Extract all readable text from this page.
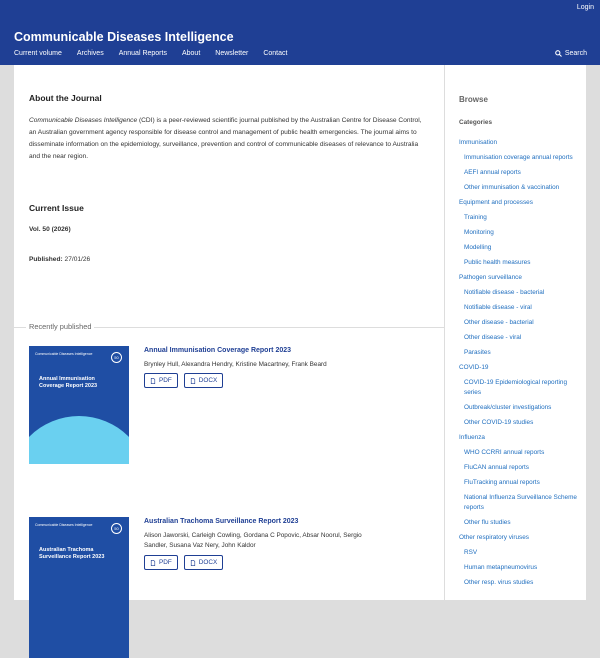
Login
Communicable Diseases Intelligence
Current volume Archives Annual Reports About Newsletter Contact	Search
About the Journal
Communicable Diseases Intelligence (CDI) is a peer-reviewed scientific journal published by the Australian Centre for Disease Control, an Australian government agency responsible for disease control and management of public health emergencies. The journal aims to disseminate information on the epidemiology, surveillance, prevention and control of communicable diseases of relevance to Australia and the near region.
Current Issue
Vol. 50 (2026)
Published: 27/01/26
Recently published
Communicable Diseases Intelligence
50
Annual Immunisation Coverage Report 2023
Annual Immunisation Coverage Report 2023
Brynley Hull, Alexandra Hendry, Kristine Macartney, Frank Beard
PDF	DOCX
Communicable Diseases Intelligence
50
Australian Trachoma Surveillance Report 2023
Australian Trachoma Surveillance Report 2023
Alison Jaworski, Carleigh Cowling, Gordana C Popovic, Absar Noorul, Sergio Sandler, Susana Vaz Nery, John Kaldor
PDF	DOCX
Browse
Categories
Immunisation
Immunisation coverage annual reports
AEFI annual reports
Other immunisation & vaccination
Equipment and processes
Training
Monitoring
Modelling
Public health measures
Pathogen surveillance
Notifiable disease - bacterial
Notifiable disease - viral
Other disease - bacterial
Other disease - viral
Parasites
COVID-19
COVID-19 Epidemiological reporting series
Outbreak/cluster investigations
Other COVID-19 studies
Influenza
WHO CCRRI annual reports
FluCAN annual reports
FluTracking annual reports
National Influenza Surveillance Scheme reports
Other flu studies
Other respiratory viruses
RSV
Human metapneumovirus
Other resp. virus studies
